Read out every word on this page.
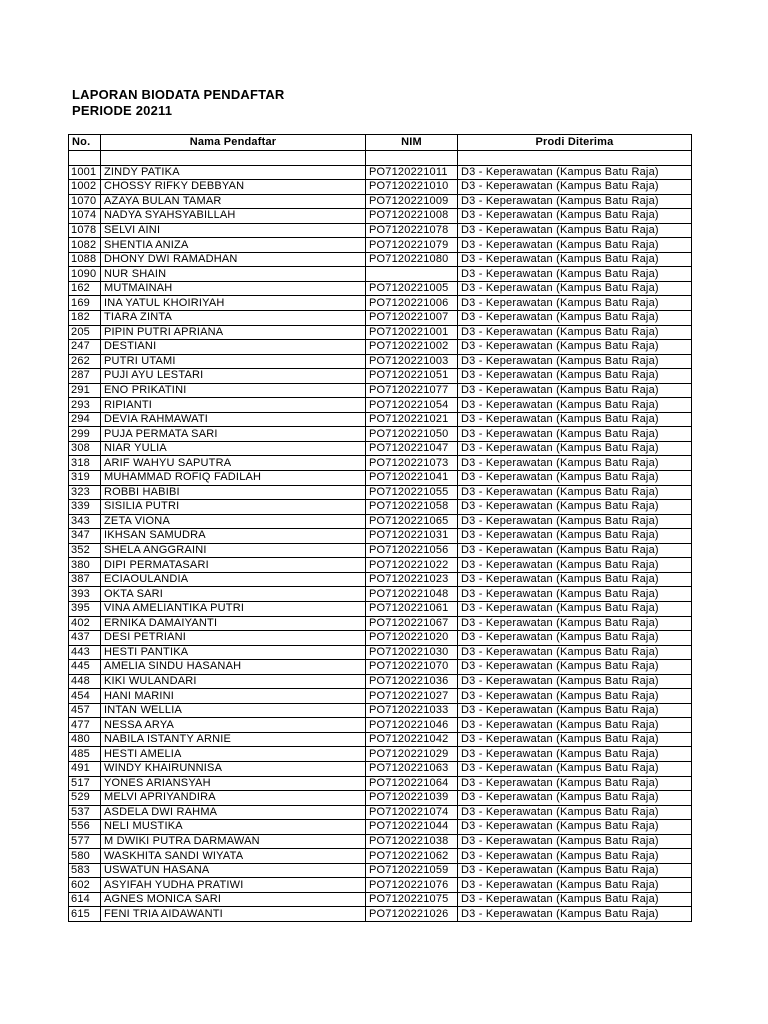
LAPORAN BIODATA PENDAFTAR
PERIODE 20211
No.	Nama Pendaftar	NIM	Prodi Diterima

1001	ZINDY PATIKA	PO7120221011	D3 - Keperawatan (Kampus Batu Raja)
1002	CHOSSY RIFKY DEBBYAN	PO7120221010	D3 - Keperawatan (Kampus Batu Raja)
1070	AZAYA BULAN TAMAR	PO7120221009	D3 - Keperawatan (Kampus Batu Raja)
1074	NADYA SYAHSYABILLAH	PO7120221008	D3 - Keperawatan (Kampus Batu Raja)
1078	SELVI AINI	PO7120221078	D3 - Keperawatan (Kampus Batu Raja)
1082	SHENTIA ANIZA	PO7120221079	D3 - Keperawatan (Kampus Batu Raja)
1088	DHONY DWI RAMADHAN	PO7120221080	D3 - Keperawatan (Kampus Batu Raja)
1090	NUR SHAIN		D3 - Keperawatan (Kampus Batu Raja)
162	MUTMAINAH	PO7120221005	D3 - Keperawatan (Kampus Batu Raja)
169	INA YATUL KHOIRIYAH	PO7120221006	D3 - Keperawatan (Kampus Batu Raja)
182	TIARA ZINTA	PO7120221007	D3 - Keperawatan (Kampus Batu Raja)
205	PIPIN PUTRI APRIANA	PO7120221001	D3 - Keperawatan (Kampus Batu Raja)
247	DESTIANI	PO7120221002	D3 - Keperawatan (Kampus Batu Raja)
262	PUTRI UTAMI	PO7120221003	D3 - Keperawatan (Kampus Batu Raja)
287	PUJI AYU LESTARI	PO7120221051	D3 - Keperawatan (Kampus Batu Raja)
291	ENO PRIKATINI	PO7120221077	D3 - Keperawatan (Kampus Batu Raja)
293	RIPIANTI	PO7120221054	D3 - Keperawatan (Kampus Batu Raja)
294	DEVIA RAHMAWATI	PO7120221021	D3 - Keperawatan (Kampus Batu Raja)
299	PUJA PERMATA SARI	PO7120221050	D3 - Keperawatan (Kampus Batu Raja)
308	NIAR YULIA	PO7120221047	D3 - Keperawatan (Kampus Batu Raja)
318	ARIF WAHYU SAPUTRA	PO7120221073	D3 - Keperawatan (Kampus Batu Raja)
319	MUHAMMAD ROFIQ FADILAH	PO7120221041	D3 - Keperawatan (Kampus Batu Raja)
323	ROBBI HABIBI	PO7120221055	D3 - Keperawatan (Kampus Batu Raja)
339	SISILIA PUTRI	PO7120221058	D3 - Keperawatan (Kampus Batu Raja)
343	ZETA VIONA	PO7120221065	D3 - Keperawatan (Kampus Batu Raja)
347	IKHSAN SAMUDRA	PO7120221031	D3 - Keperawatan (Kampus Batu Raja)
352	SHELA ANGGRAINI	PO7120221056	D3 - Keperawatan (Kampus Batu Raja)
380	DIPI PERMATASARI	PO7120221022	D3 - Keperawatan (Kampus Batu Raja)
387	ECIAOULANDIA	PO7120221023	D3 - Keperawatan (Kampus Batu Raja)
393	OKTA SARI	PO7120221048	D3 - Keperawatan (Kampus Batu Raja)
395	VINA AMELIANTIKA PUTRI	PO7120221061	D3 - Keperawatan (Kampus Batu Raja)
402	ERNIKA DAMAIYANTI	PO7120221067	D3 - Keperawatan (Kampus Batu Raja)
437	DESI PETRIANI	PO7120221020	D3 - Keperawatan (Kampus Batu Raja)
443	HESTI PANTIKA	PO7120221030	D3 - Keperawatan (Kampus Batu Raja)
445	AMELIA SINDU HASANAH	PO7120221070	D3 - Keperawatan (Kampus Batu Raja)
448	KIKI WULANDARI	PO7120221036	D3 - Keperawatan (Kampus Batu Raja)
454	HANI MARINI	PO7120221027	D3 - Keperawatan (Kampus Batu Raja)
457	INTAN WELLIA	PO7120221033	D3 - Keperawatan (Kampus Batu Raja)
477	NESSA ARYA	PO7120221046	D3 - Keperawatan (Kampus Batu Raja)
480	NABILA ISTANTY ARNIE	PO7120221042	D3 - Keperawatan (Kampus Batu Raja)
485	HESTI AMELIA	PO7120221029	D3 - Keperawatan (Kampus Batu Raja)
491	WINDY KHAIRUNNISA	PO7120221063	D3 - Keperawatan (Kampus Batu Raja)
517	YONES ARIANSYAH	PO7120221064	D3 - Keperawatan (Kampus Batu Raja)
529	MELVI APRIYANDIRA	PO7120221039	D3 - Keperawatan (Kampus Batu Raja)
537	ASDELA DWI RAHMA	PO7120221074	D3 - Keperawatan (Kampus Batu Raja)
556	NELI MUSTIKA	PO7120221044	D3 - Keperawatan (Kampus Batu Raja)
577	M DWIKI PUTRA DARMAWAN	PO7120221038	D3 - Keperawatan (Kampus Batu Raja)
580	WASKHITA SANDI WIYATA	PO7120221062	D3 - Keperawatan (Kampus Batu Raja)
583	USWATUN HASANA	PO7120221059	D3 - Keperawatan (Kampus Batu Raja)
602	ASYIFAH YUDHA PRATIWI	PO7120221076	D3 - Keperawatan (Kampus Batu Raja)
614	AGNES MONICA SARI	PO7120221075	D3 - Keperawatan (Kampus Batu Raja)
615	FENI TRIA AIDAWANTI	PO7120221026	D3 - Keperawatan (Kampus Batu Raja)
